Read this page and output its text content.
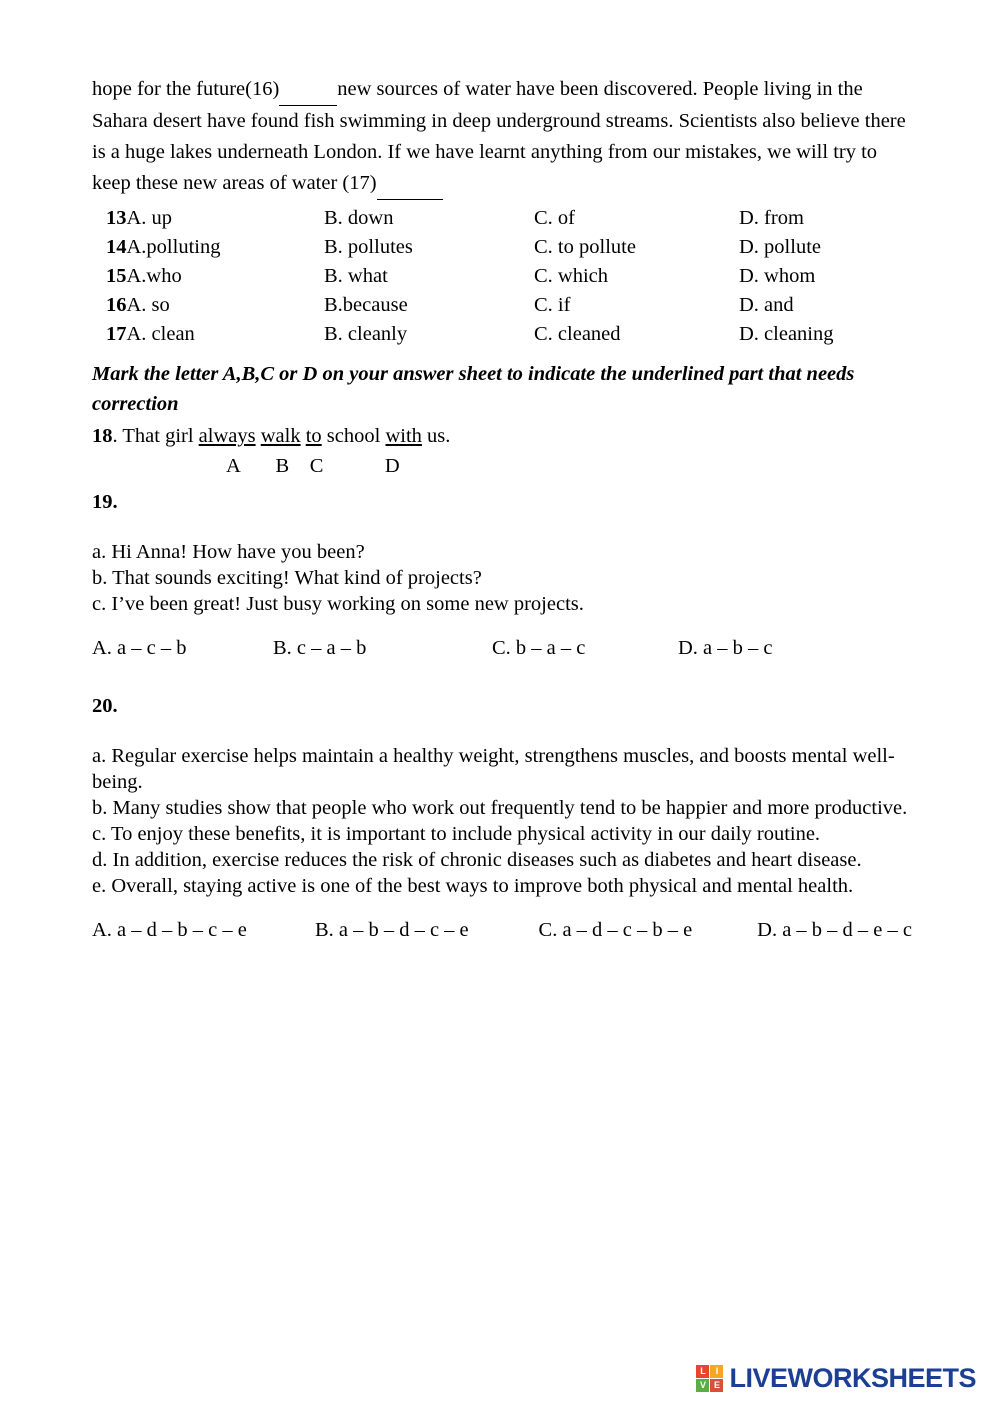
hope for the future(16)	new sources of water have been discovered. People living in the Sahara desert have found fish swimming in deep underground streams. Scientists also believe there is a huge lakes underneath London. If we have learnt anything from our mistakes, we will try to keep these new areas of water (17)

13A. up	B. down	C. of	D. from
14A.polluting	B. pollutes	C. to pollute	D. pollute
15A.who	B. what	C. which	D. whom
16A. so	B.because	C. if	D. and
17A. clean	B. cleanly	C. cleaned	D. cleaning

Mark the letter A,B,C or D on your answer sheet to indicate the underlined part that needs correction

18. That girl always walk to school with us.

A       B    C            D

19.

a. Hi Anna! How have you been?

b. That sounds exciting! What kind of projects?

c. I’ve been great! Just busy working on some new projects.

A. a – c – b	B. c – a – b	C. b – a – c	D. a – b – c

20.

a. Regular exercise helps maintain a healthy weight, strengthens muscles, and boosts mental well-being.

b. Many studies show that people who work out frequently tend to be happier and more productive.

c. To enjoy these benefits, it is important to include physical activity in our daily routine.

d. In addition, exercise reduces the risk of chronic diseases such as diabetes and heart disease.

e. Overall, staying active is one of the best ways to improve both physical and mental health.

A. a – d – b – c – e	B. a – b – d – c – e	C. a – d – c – b – e	D. a – b – d – e – c
L	I
V E LIVEWORKSHEETS
